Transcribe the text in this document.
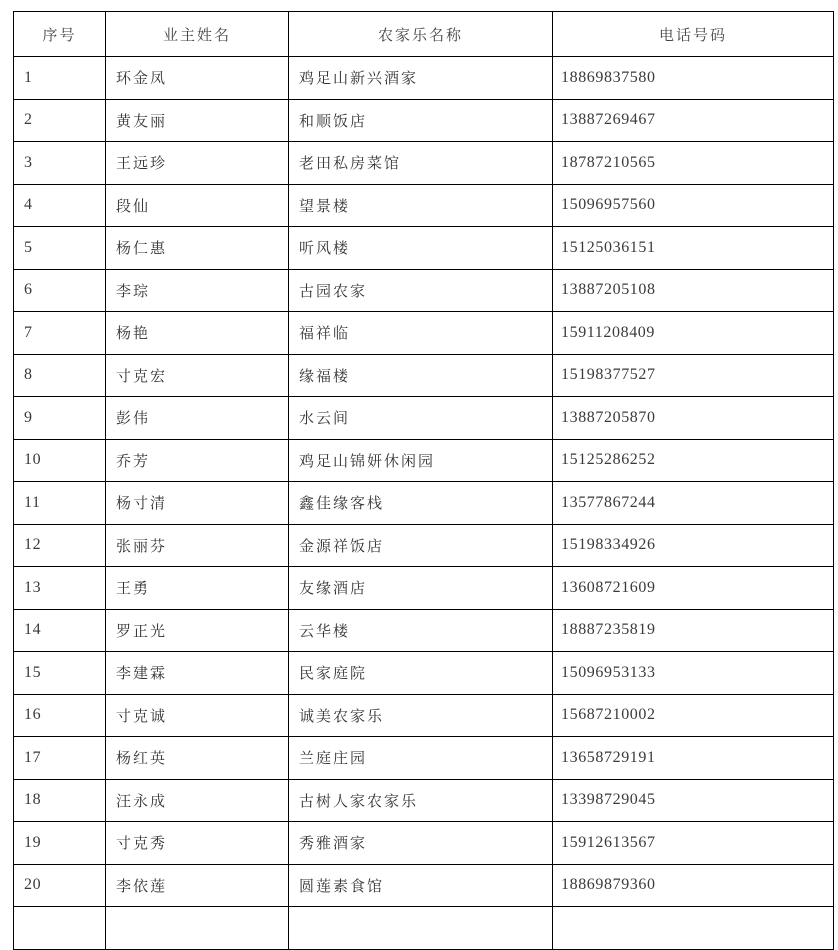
序号	业主姓名	农家乐名称	电话号码
1	环金凤	鸡足山新兴酒家	18869837580
2	黄友丽	和顺饭店	13887269467
3	王远珍	老田私房菜馆	18787210565
4	段仙	望景楼	15096957560
5	杨仁惠	听风楼	15125036151
6	李琮	古园农家	13887205108
7	杨艳	福祥临	15911208409
8	寸克宏	缘福楼	15198377527
9	彭伟	水云间	13887205870
10	乔芳	鸡足山锦妍休闲园	15125286252
11	杨寸清	鑫佳缘客栈	13577867244
12	张丽芬	金源祥饭店	15198334926
13	王勇	友缘酒店	13608721609
14	罗正光	云华楼	18887235819
15	李建霖	民家庭院	15096953133
16	寸克诚	诚美农家乐	15687210002
17	杨红英	兰庭庄园	13658729191
18	汪永成	古树人家农家乐	13398729045
19	寸克秀	秀雅酒家	15912613567
20	李依莲	圆莲素食馆	18869879360
